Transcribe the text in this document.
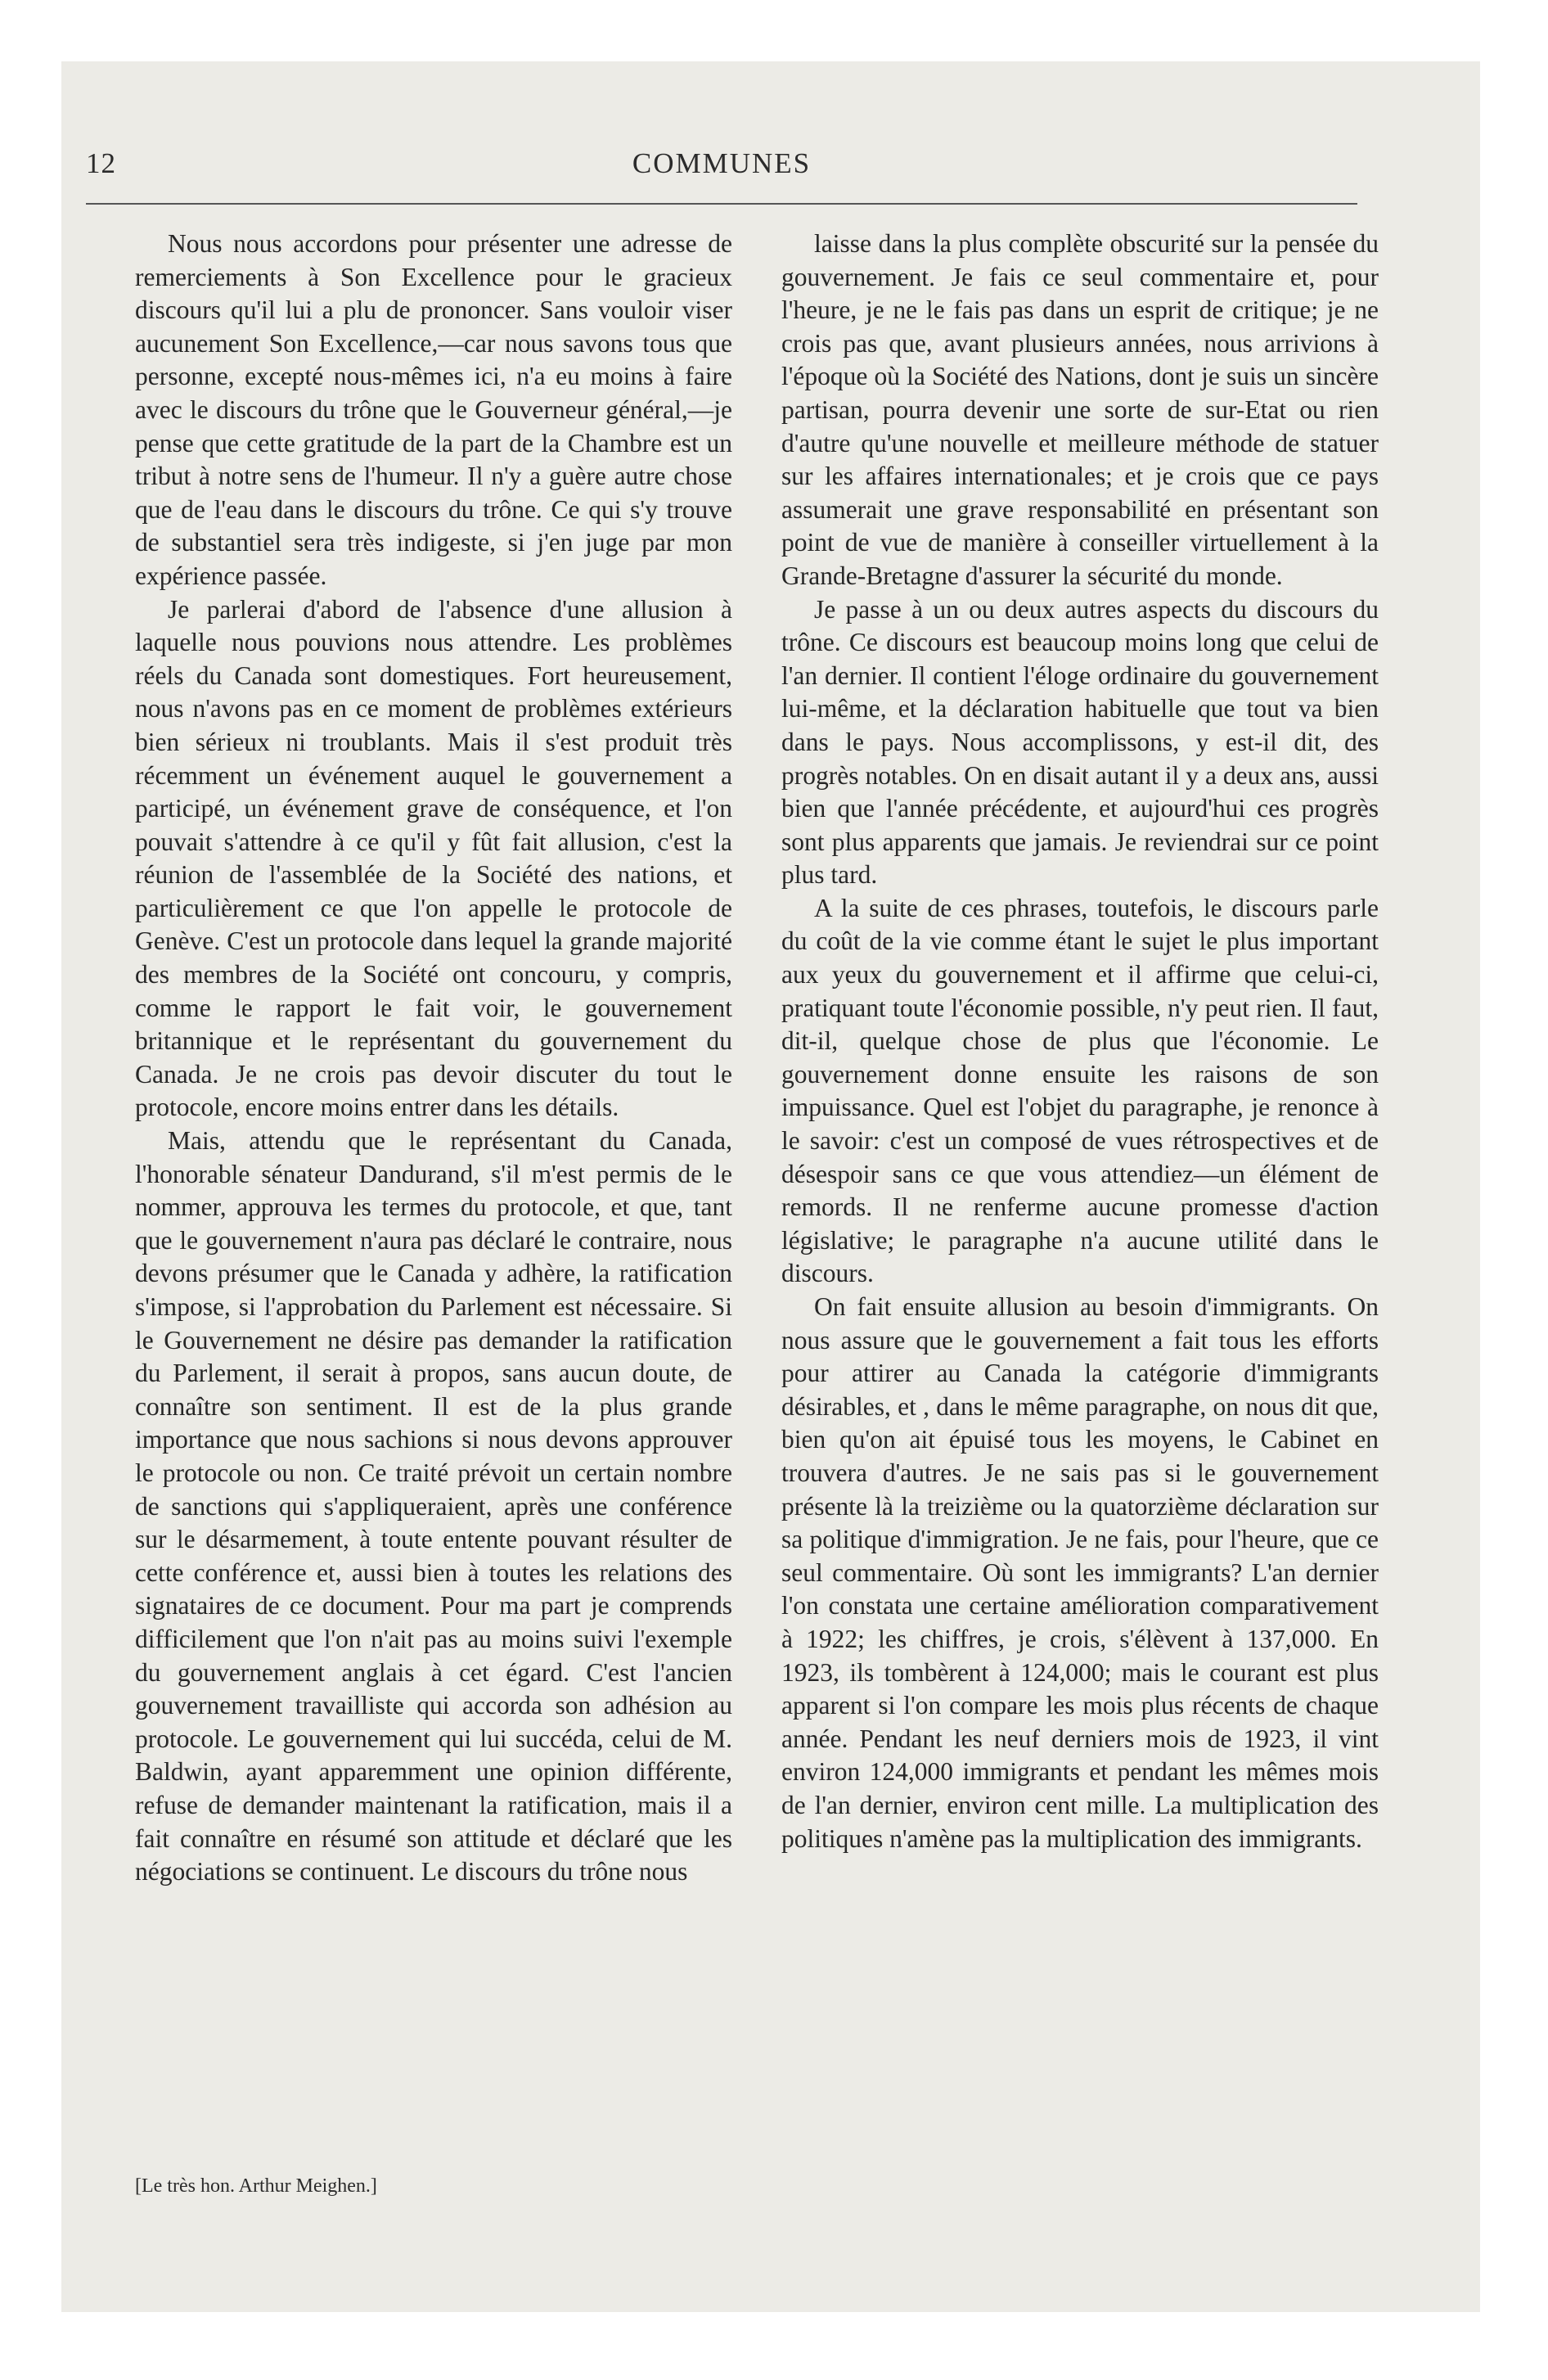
12	COMMUNES

Nous nous accordons pour présenter une adresse de remerciements à Son Excellence pour le gracieux discours qu'il lui a plu de prononcer. Sans vouloir viser aucunement Son Excellence,—car nous savons tous que personne, excepté nous-mêmes ici, n'a eu moins à faire avec le discours du trône que le Gouverneur général,—je pense que cette gratitude de la part de la Chambre est un tribut à notre sens de l'humeur. Il n'y a guère autre chose que de l'eau dans le discours du trône. Ce qui s'y trouve de substantiel sera très indigeste, si j'en juge par mon expérience passée.

Je parlerai d'abord de l'absence d'une allusion à laquelle nous pouvions nous attendre. Les problèmes réels du Canada sont domestiques. Fort heureusement, nous n'avons pas en ce moment de problèmes extérieurs bien sérieux ni troublants. Mais il s'est produit très récemment un événement auquel le gouvernement a participé, un événement grave de conséquence, et l'on pouvait s'attendre à ce qu'il y fût fait allusion, c'est la réunion de l'assemblée de la Société des nations, et particulièrement ce que l'on appelle le protocole de Genève. C'est un protocole dans lequel la grande majorité des membres de la Société ont concouru, y compris, comme le rapport le fait voir, le gouvernement britannique et le représentant du gouvernement du Canada. Je ne crois pas devoir discuter du tout le protocole, encore moins entrer dans les détails.

Mais, attendu que le représentant du Canada, l'honorable sénateur Dandurand, s'il m'est permis de le nommer, approuva les termes du protocole, et que, tant que le gouvernement n'aura pas déclaré le contraire, nous devons présumer que le Canada y adhère, la ratification s'impose, si l'approbation du Parlement est nécessaire. Si le Gouvernement ne désire pas demander la ratification du Parlement, il serait à propos, sans aucun doute, de connaître son sentiment. Il est de la plus grande importance que nous sachions si nous devons approuver le protocole ou non. Ce traité prévoit un certain nombre de sanctions qui s'appliqueraient, après une conférence sur le désarmement, à toute entente pouvant résulter de cette conférence et, aussi bien à toutes les relations des signataires de ce document. Pour ma part je comprends difficilement que l'on n'ait pas au moins suivi l'exemple du gouvernement anglais à cet égard. C'est l'ancien gouvernement travailliste qui accorda son adhésion au protocole. Le gouvernement qui lui succéda, celui de M. Baldwin, ayant apparemment une opinion différente, refuse de demander maintenant la ratification, mais il a fait connaître en résumé son attitude et déclaré que les négociations se continuent. Le discours du trône nous

laisse dans la plus complète obscurité sur la pensée du gouvernement. Je fais ce seul commentaire et, pour l'heure, je ne le fais pas dans un esprit de critique; je ne crois pas que, avant plusieurs années, nous arrivions à l'époque où la Société des Nations, dont je suis un sincère partisan, pourra devenir une sorte de sur-Etat ou rien d'autre qu'une nouvelle et meilleure méthode de statuer sur les affaires internationales; et je crois que ce pays assumerait une grave responsabilité en présentant son point de vue de manière à conseiller virtuellement à la Grande-Bretagne d'assurer la sécurité du monde.

Je passe à un ou deux autres aspects du discours du trône. Ce discours est beaucoup moins long que celui de l'an dernier. Il contient l'éloge ordinaire du gouvernement lui-même, et la déclaration habituelle que tout va bien dans le pays. Nous accomplissons, y est-il dit, des progrès notables. On en disait autant il y a deux ans, aussi bien que l'année précédente, et aujourd'hui ces progrès sont plus apparents que jamais. Je reviendrai sur ce point plus tard.

A la suite de ces phrases, toutefois, le discours parle du coût de la vie comme étant le sujet le plus important aux yeux du gouvernement et il affirme que celui-ci, pratiquant toute l'économie possible, n'y peut rien. Il faut, dit-il, quelque chose de plus que l'économie. Le gouvernement donne ensuite les raisons de son impuissance. Quel est l'objet du paragraphe, je renonce à le savoir: c'est un composé de vues rétrospectives et de désespoir sans ce que vous attendiez—un élément de remords. Il ne renferme aucune promesse d'action législative; le paragraphe n'a aucune utilité dans le discours.

On fait ensuite allusion au besoin d'immigrants. On nous assure que le gouvernement a fait tous les efforts pour attirer au Canada la catégorie d'immigrants désirables, et , dans le même paragraphe, on nous dit que, bien qu'on ait épuisé tous les moyens, le Cabinet en trouvera d'autres. Je ne sais pas si le gouvernement présente là la treizième ou la quatorzième déclaration sur sa politique d'immigration. Je ne fais, pour l'heure, que ce seul commentaire. Où sont les immigrants? L'an dernier l'on constata une certaine amélioration comparativement à 1922; les chiffres, je crois, s'élèvent à 137,000. En 1923, ils tombèrent à 124,000; mais le courant est plus apparent si l'on compare les mois plus récents de chaque année. Pendant les neuf derniers mois de 1923, il vint environ 124,000 immigrants et pendant les mêmes mois de l'an dernier, environ cent mille. La multiplication des politiques n'amène pas la multiplication des immigrants.

[Le très hon. Arthur Meighen.]
